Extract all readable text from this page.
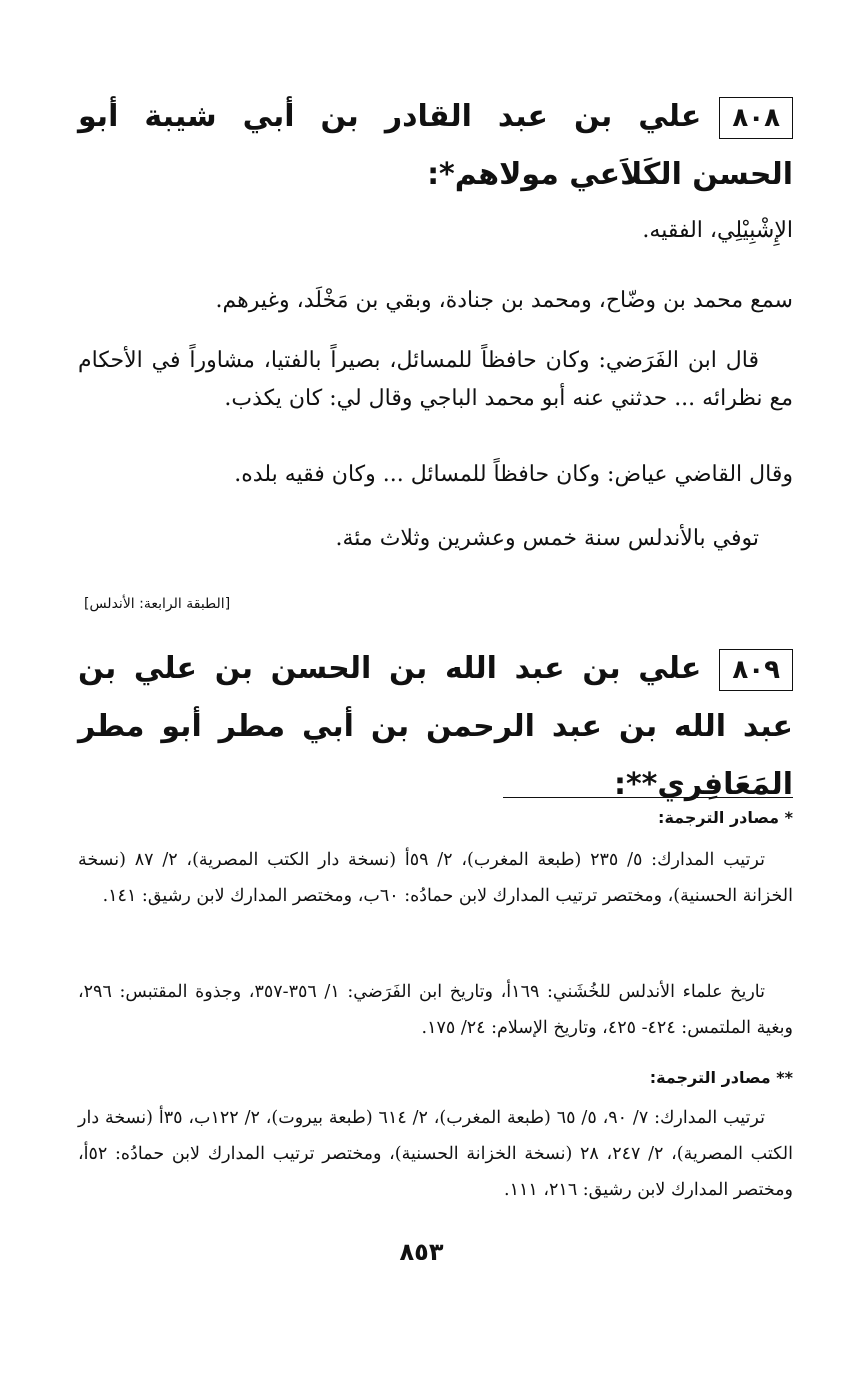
٨٠٨علي بن عبد القادر بن أبي شيبة أبو الحسن الكَلاَعي مولاهم*:
الإِشْبِيْلِي، الفقيه.
سمع محمد بن وضّاح، ومحمد بن جنادة، وبقي بن مَخْلَد، وغيرهم.
قال ابن الفَرَضي: وكان حافظاً للمسائل، بصيراً بالفتيا، مشاوراً في الأحكام مع نظرائه ... حدثني عنه أبو محمد الباجي وقال لي: كان يكذب.
وقال القاضي عياض: وكان حافظاً للمسائل ... وكان فقيه بلده.
توفي بالأندلس سنة خمس وعشرين وثلاث مئة.
[الطبقة الرابعة: الأندلس]
٨٠٩علي بن عبد الله بن الحسن بن علي بن عبد الله بن عبد الرحمن بن أبي مطر أبو مطر المَعَافِري**:
* مصادر الترجمة:
ترتيب المدارك: ٥/ ٢٣٥ (طبعة المغرب)، ٢/ ٥٩أ (نسخة دار الكتب المصرية)، ٢/ ٨٧ (نسخة الخزانة الحسنية)، ومختصر ترتيب المدارك لابن حمادُه: ٦٠ب، ومختصر المدارك لابن رشيق: ١٤١.
تاريخ علماء الأندلس للخُشَني: ١٦٩أ، وتاريخ ابن الفَرَضي: ١/ ٣٥٦-٣٥٧، وجذوة المقتبس: ٢٩٦، وبغية الملتمس: ٤٢٤- ٤٢٥، وتاريخ الإسلام: ٢٤/ ١٧٥.
** مصادر الترجمة:
ترتيب المدارك: ٧/ ٩٠، ٥/ ٦٥ (طبعة المغرب)، ٢/ ٦١٤ (طبعة بيروت)، ٢/ ١٢٢ب، ٣٥أ (نسخة دار الكتب المصرية)، ٢/ ٢٤٧، ٢٨ (نسخة الخزانة الحسنية)، ومختصر ترتيب المدارك لابن حمادُه: ٥٢أ، ومختصر المدارك لابن رشيق: ٢١٦، ١١١.
٨٥٣
